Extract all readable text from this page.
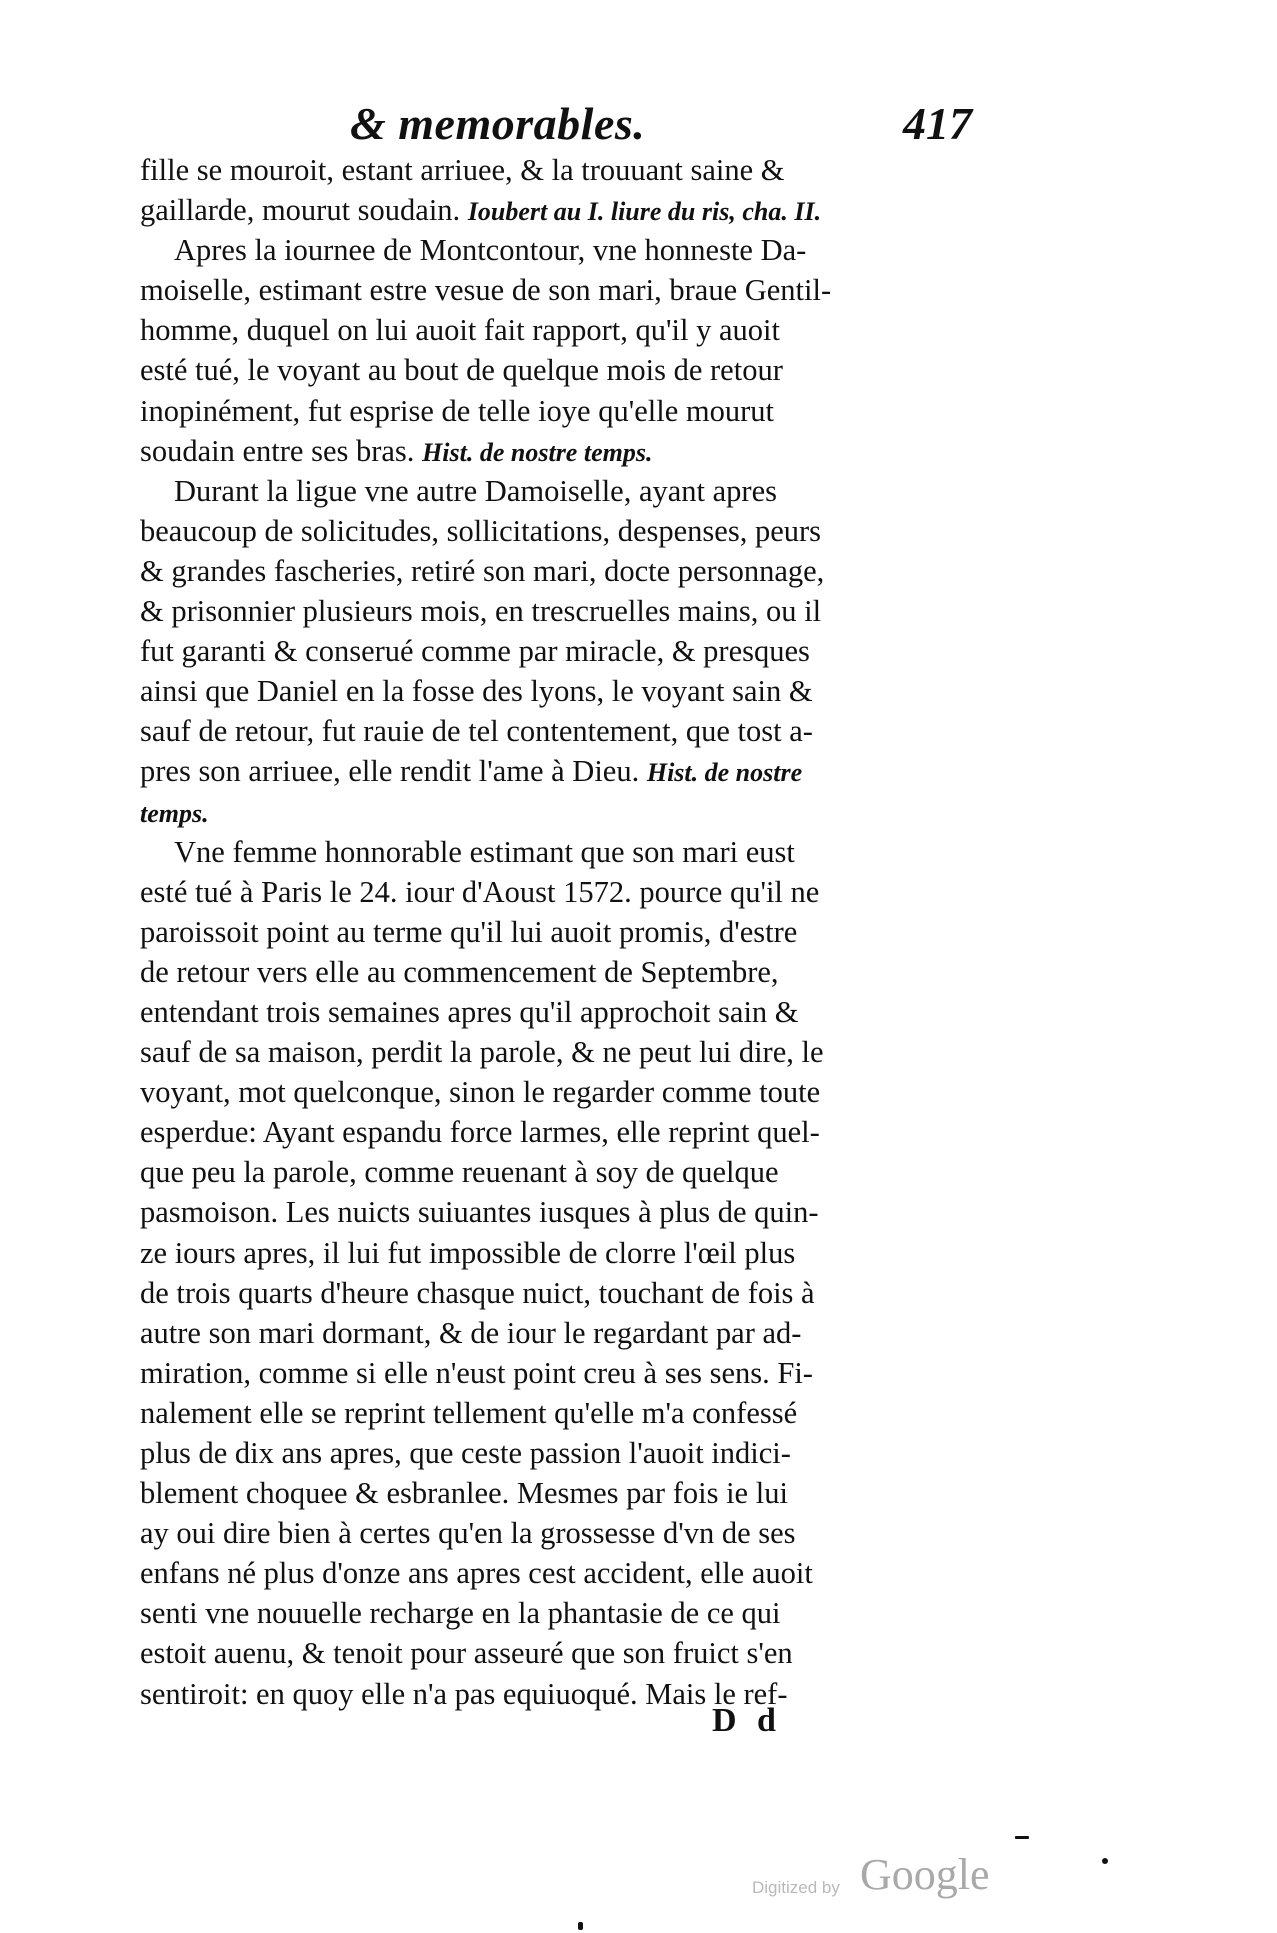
& memorables.	417
fille se mouroit, estant arriuee, & la trouuant saine &
gaillarde, mourut soudain. Ioubert au I. liure du ris, cha. II.
Apres la iournee de Montcontour, vne honneste Da-
moiselle, estimant estre vesue de son mari, braue Gentil-
homme, duquel on lui auoit fait rapport, qu'il y auoit
esté tué, le voyant au bout de quelque mois de retour
inopinément, fut esprise de telle ioye qu'elle mourut
soudain entre ses bras. Hist. de nostre temps.
Durant la ligue vne autre Damoiselle, ayant apres
beaucoup de solicitudes, sollicitations, despenses, peurs
& grandes fascheries, retiré son mari, docte personnage,
& prisonnier plusieurs mois, en trescruelles mains, ou il
fut garanti & conserué comme par miracle, & presques
ainsi que Daniel en la fosse des lyons, le voyant sain &
sauf de retour, fut rauie de tel contentement, que tost a-
pres son arriuee, elle rendit l'ame à Dieu. Hist. de nostre
temps.
Vne femme honnorable estimant que son mari eust
esté tué à Paris le 24. iour d'Aoust 1572. pource qu'il ne
paroissoit point au terme qu'il lui auoit promis, d'estre
de retour vers elle au commencement de Septembre,
entendant trois semaines apres qu'il approchoit sain &
sauf de sa maison, perdit la parole, & ne peut lui dire, le
voyant, mot quelconque, sinon le regarder comme toute
esperdue: Ayant espandu force larmes, elle reprint quel-
que peu la parole, comme reuenant à soy de quelque
pasmoison. Les nuicts suiuantes iusques à plus de quin-
ze iours apres, il lui fut impossible de clorre l'œil plus
de trois quarts d'heure chasque nuict, touchant de fois à
autre son mari dormant, & de iour le regardant par ad-
miration, comme si elle n'eust point creu à ses sens. Fi-
nalement elle se reprint tellement qu'elle m'a confessé
plus de dix ans apres, que ceste passion l'auoit indici-
blement choquee & esbranlee. Mesmes par fois ie lui
ay oui dire bien à certes qu'en la grossesse d'vn de ses
enfans né plus d'onze ans apres cest accident, elle auoit
senti vne nouuelle recharge en la phantasie de ce qui
estoit auenu, & tenoit pour asseuré que son fruict s'en
sentiroit: en quoy elle n'a pas equiuoqué. Mais le ref-
D d
Digitized by Google
